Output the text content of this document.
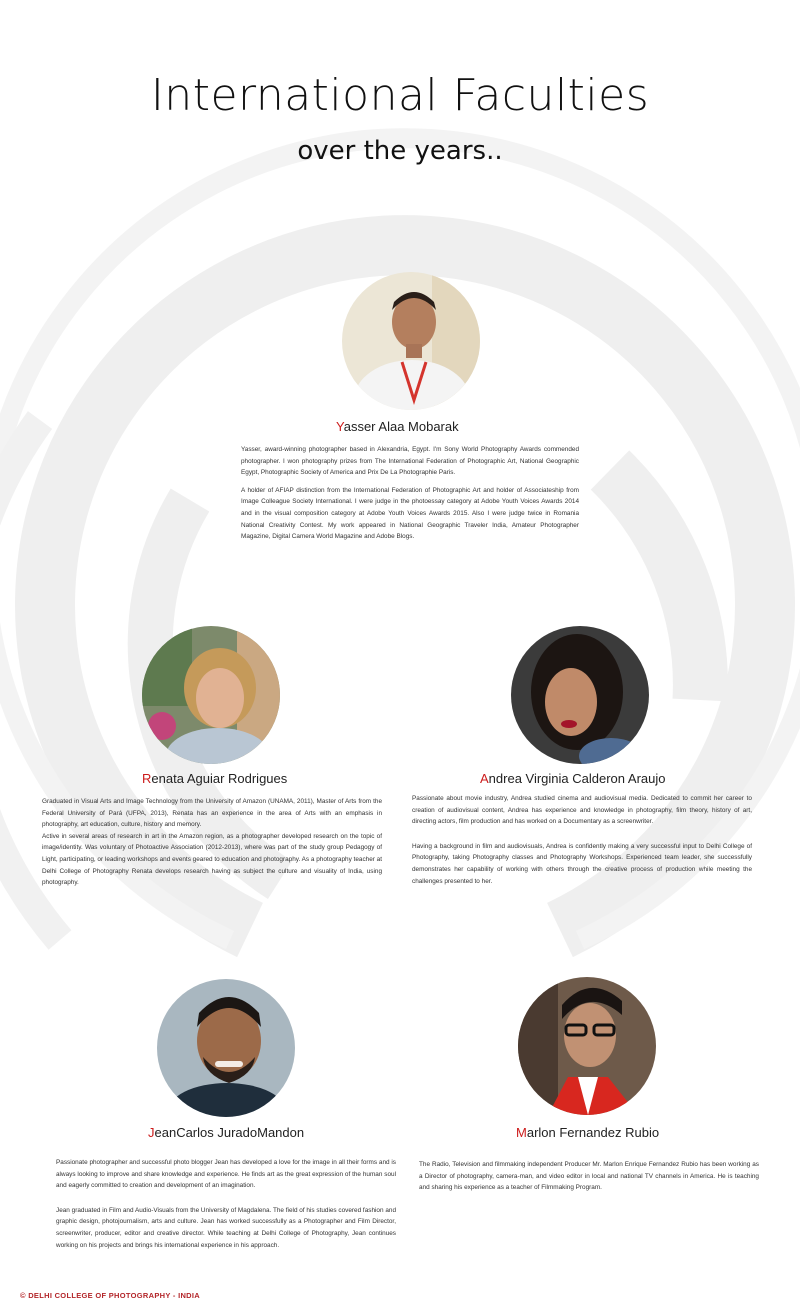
International Faculties
over the years..
Yasser Alaa Mobarak

Yasser, award-winning photographer based in Alexandria, Egypt. I'm Sony World Photography Awards commended photographer. I won photography prizes from The International Federation of Photographic Art, National Geographic Egypt, Photographic Society of America and Prix De La Photographie Paris.

A holder of AFIAP distinction from the International Federation of Photographic Art and holder of Associateship from Image Colleague Society International. I were judge in the photoessay category at Adobe Youth Voices Awards 2014 and in the visual composition category at Adobe Youth Voices Awards 2015. Also I were judge twice in Romania National Creativity Contest. My work appeared in National Geographic Traveler India, Amateur Photographer Magazine, Digital Camera World Magazine and Adobe Blogs.

Renata Aguiar Rodrigues

Graduated in Visual Arts and Image Technology from the University of Amazon (UNAMA, 2011), Master of Arts from the Federal University of Pará (UFPA, 2013), Renata has an experience in the area of Arts with an emphasis in photography, art education, culture, history and memory.

Active in several areas of research in art in the Amazon region, as a photographer developed research on the topic of image/identity. Was voluntary of Photoactive Association (2012-2013), where was part of the study group Pedagogy of Light, participating, or leading workshops and events geared to education and photography. As a photography teacher at Delhi College of Photography Renata develops research having as subject the culture and visuality of India, using photography.

Andrea Virginia Calderon Araujo

Passionate about movie industry, Andrea studied cinema and audiovisual media. Dedicated to commit her career to creation of audiovisual content, Andrea has experience and knowledge in photography, film theory, history of art, directing actors, film production and has worked on a Documentary as a screenwriter.

Having a background in film and audiovisuals, Andrea is confidently making a very successful input to Delhi College of Photography, taking Photography classes and Photography Workshops. Experienced team leader, she successfully demonstrates her capability of working with others through the creative process of production while meeting the challenges presented to her.

JeanCarlos JuradoMandon

Passionate photographer and successful photo blogger Jean has developed a love for the image in all their forms and is always looking to improve and share knowledge and experience. He finds art as the great expression of the human soul and eagerly committed to creation and development of an imagination.

Jean graduated in Film and Audio-Visuals from the University of Magdalena. The field of his studies covered fashion and graphic design, photojournalism, arts and culture. Jean has worked successfully as a Photographer and Film Director, screenwriter, producer, editor and creative director. While teaching at Delhi College of Photography, Jean continues working on his projects and brings his international experience in his approach.

Marlon Fernandez Rubio

The Radio, Television and filmmaking independent Producer Mr. Marlon Enrique Fernandez Rubio has been working as a Director of photography, camera-man, and video editor in local and national TV channels in America. He is teaching and sharing his experience as a teacher of Filmmaking Program.

© DELHI COLLEGE OF PHOTOGRAPHY - INDIA
